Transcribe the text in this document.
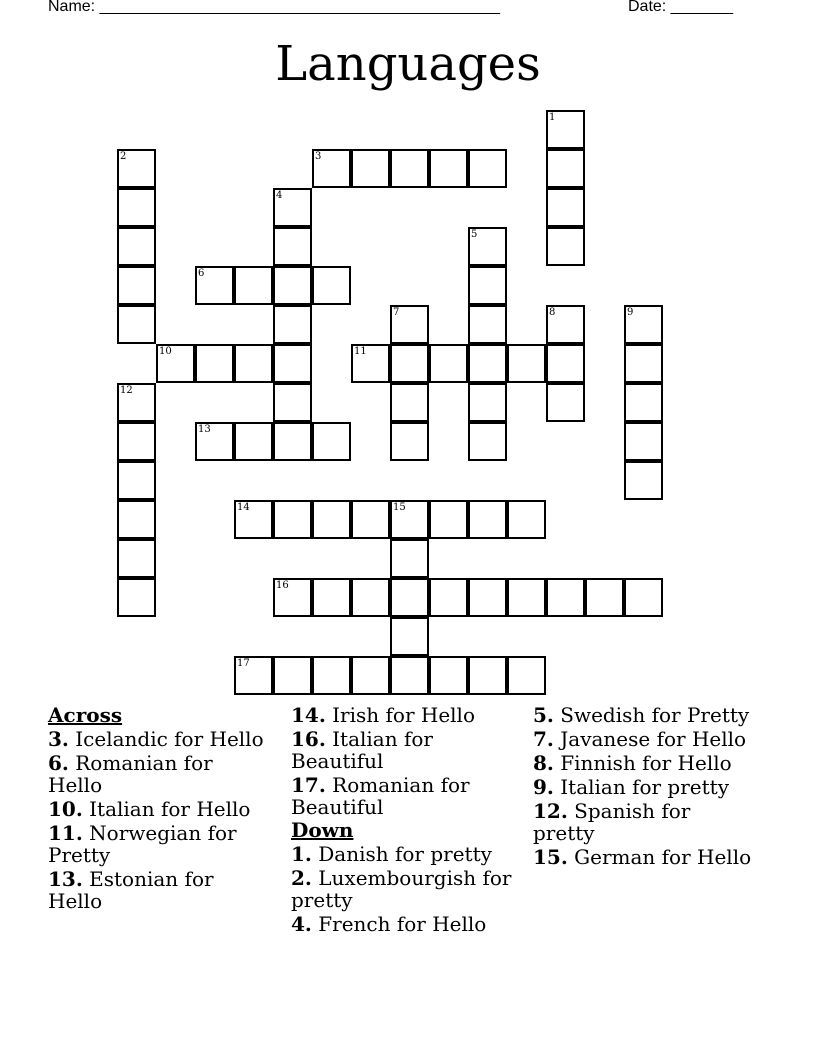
Name: _____________________________________________	Date: _______
Languages
1
2	3
4
5
6
7	8	9
10	11
12
13
14	15
16
17
Across
3. Icelandic for Hello
6. Romanian for Hello
10. Italian for Hello
11. Norwegian for Pretty
13. Estonian for Hello
14. Irish for Hello
16. Italian for Beautiful
17. Romanian for Beautiful
Down
1. Danish for pretty
2. Luxembourgish for pretty
4. French for Hello
5. Swedish for Pretty
7. Javanese for Hello
8. Finnish for Hello
9. Italian for pretty
12. Spanish for pretty
15. German for Hello
